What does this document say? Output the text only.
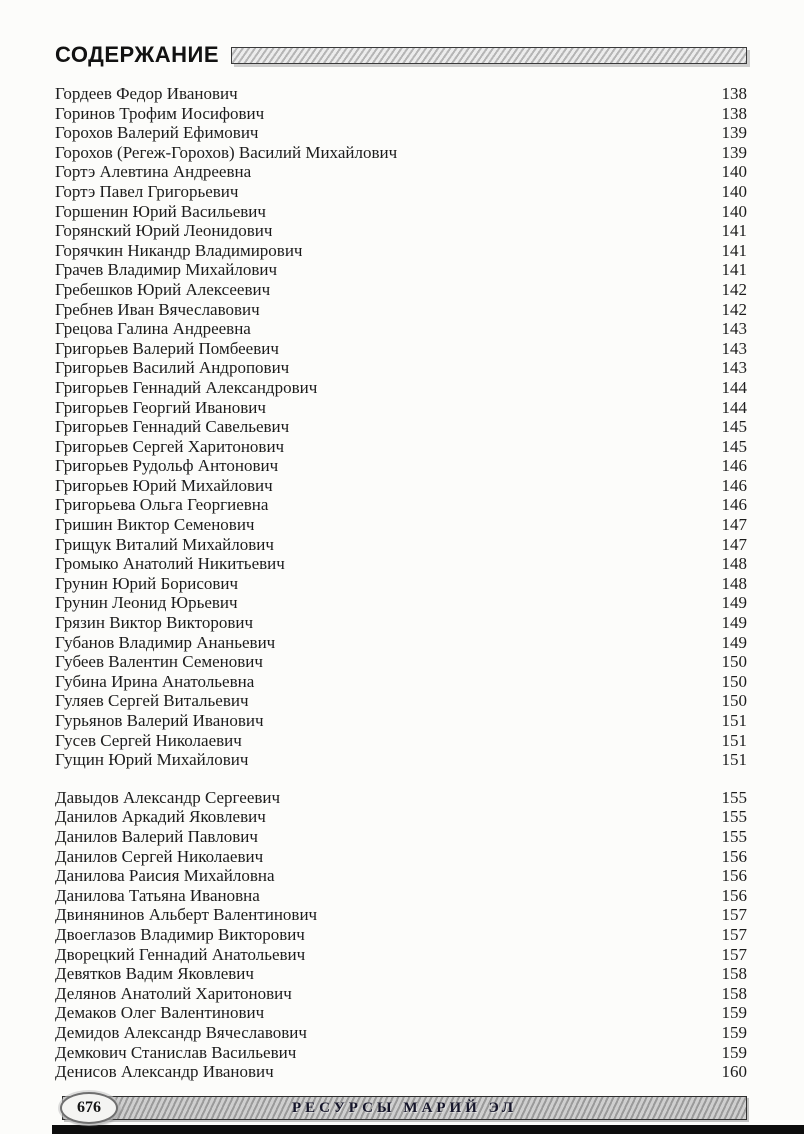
СОДЕРЖАНИЕ
Гордеев Федор Иванович	138
Горинов Трофим Иосифович	138
Горохов Валерий Ефимович	139
Горохов (Регеж-Горохов) Василий Михайлович	139
Гортэ Алевтина Андреевна	140
Гортэ Павел Григорьевич	140
Горшенин Юрий Васильевич	140
Горянский Юрий Леонидович	141
Горячкин Никандр Владимирович	141
Грачев Владимир Михайлович	141
Гребешков Юрий Алексеевич	142
Гребнев Иван Вячеславович	142
Грецова Галина Андреевна	143
Григорьев Валерий Помбеевич	143
Григорьев Василий Андропович	143
Григорьев Геннадий Александрович	144
Григорьев Георгий Иванович	144
Григорьев Геннадий Савельевич	145
Григорьев Сергей Харитонович	145
Григорьев Рудольф Антонович	146
Григорьев Юрий Михайлович	146
Григорьева Ольга Георгиевна	146
Гришин Виктор Семенович	147
Грищук Виталий Михайлович	147
Громыко Анатолий Никитьевич	148
Грунин Юрий Борисович	148
Грунин Леонид Юрьевич	149
Грязин Виктор Викторович	149
Губанов Владимир Ананьевич	149
Губеев Валентин Семенович	150
Губина Ирина Анатольевна	150
Гуляев Сергей Витальевич	150
Гурьянов Валерий Иванович	151
Гусев Сергей Николаевич	151
Гущин Юрий Михайлович	151
Давыдов Александр Сергеевич	155
Данилов Аркадий Яковлевич	155
Данилов Валерий Павлович	155
Данилов Сергей Николаевич	156
Данилова Раисия Михайловна	156
Данилова Татьяна Ивановна	156
Двинянинов Альберт Валентинович	157
Двоеглазов Владимир Викторович	157
Дворецкий Геннадий Анатольевич	157
Девятков Вадим Яковлевич	158
Делянов Анатолий Харитонович	158
Демаков Олег Валентинович	159
Демидов Александр Вячеславович	159
Демкович Станислав Васильевич	159
Денисов Александр Иванович	160
РЕСУРСЫ МАРИЙ ЭЛ
676
